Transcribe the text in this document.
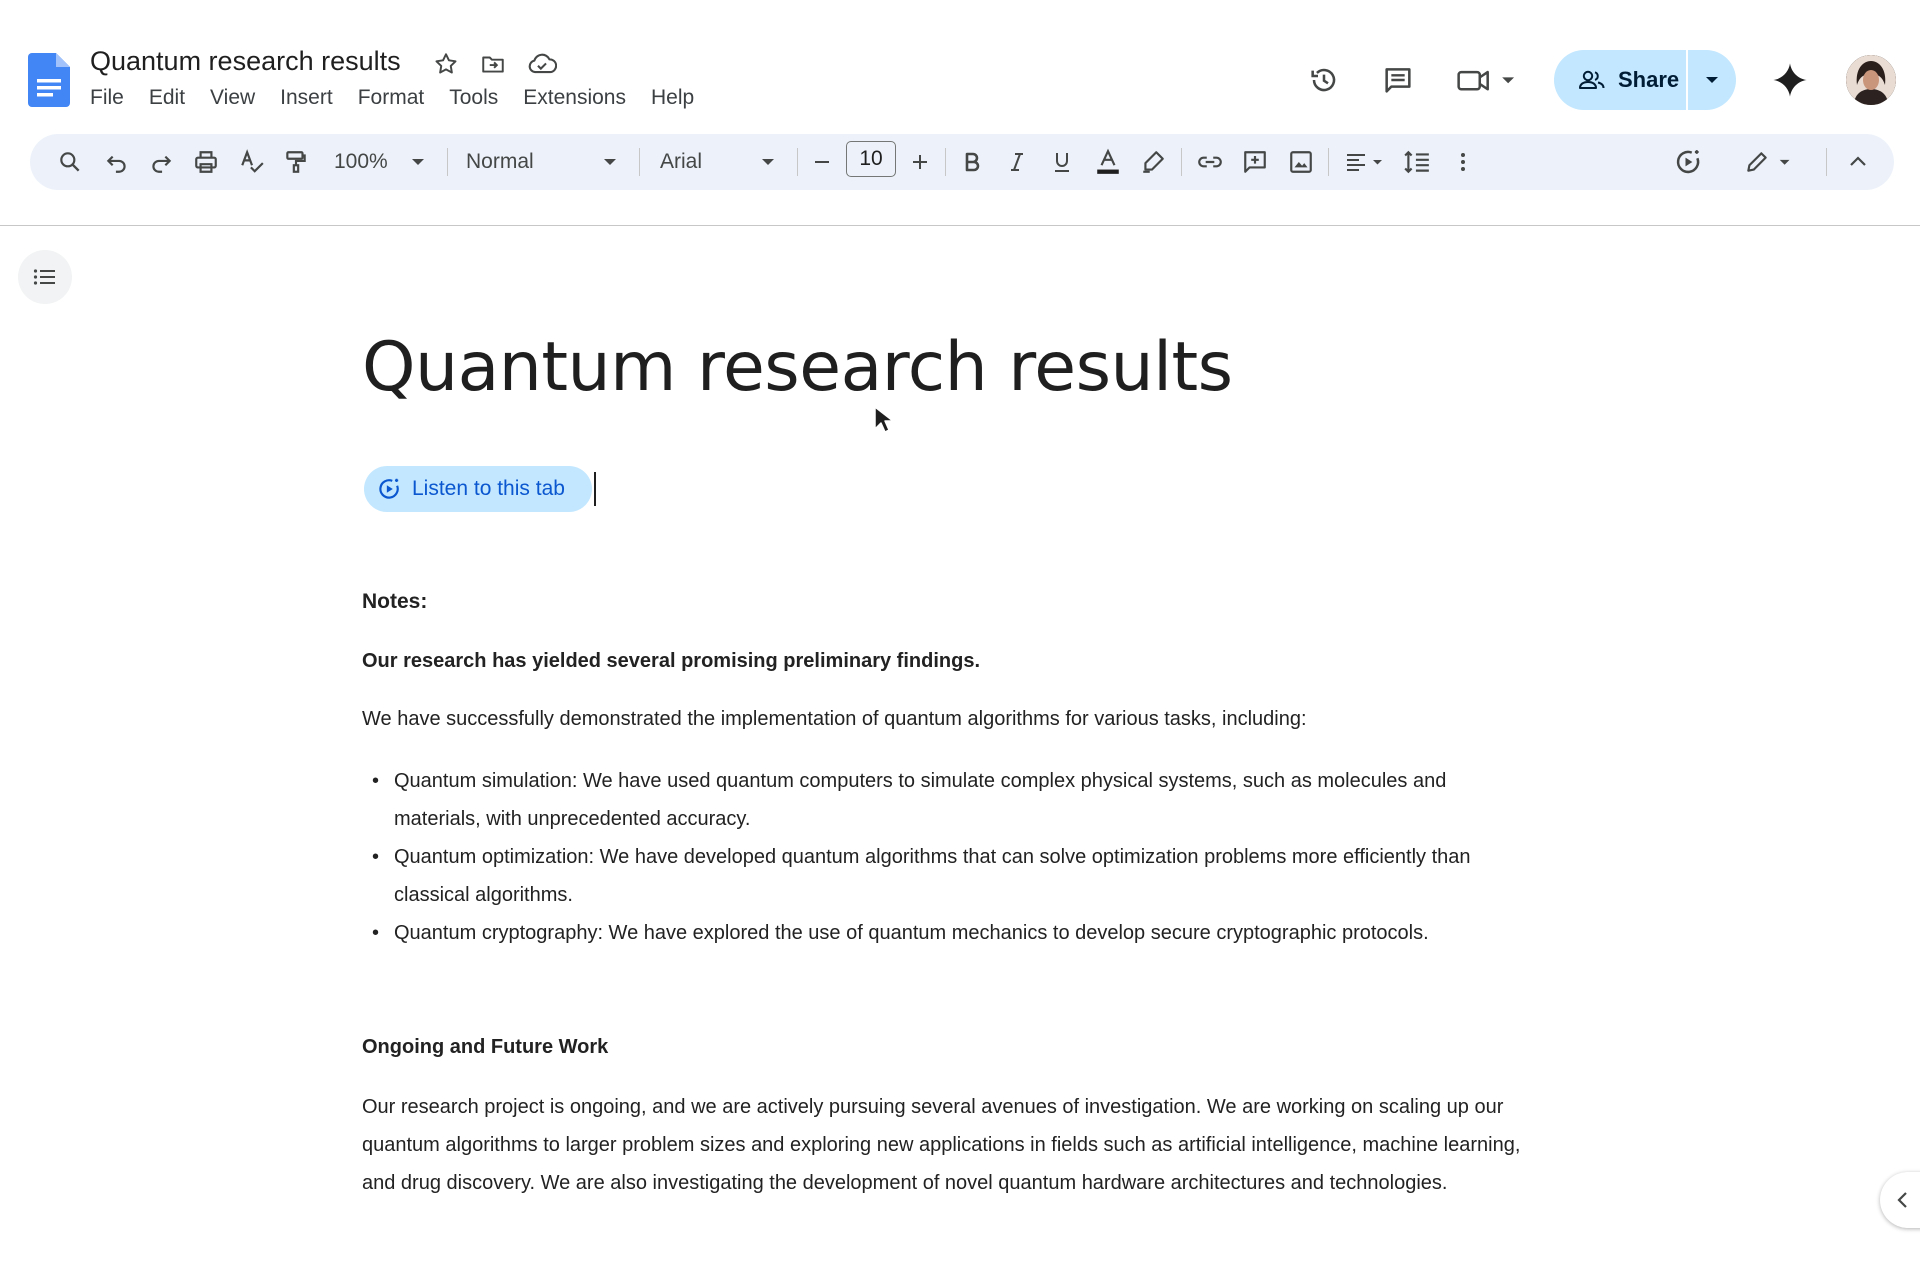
Quantum research results
File Edit View Insert Format Tools Extensions Help
Share
100%	Normal	Arial	10
Quantum research results
Listen to this tab
Notes:
Our research has yielded several promising preliminary findings.
We have successfully demonstrated the implementation of quantum algorithms for various tasks, including:
• Quantum simulation: We have used quantum computers to simulate complex physical systems, such as molecules and
materials, with unprecedented accuracy.
• Quantum optimization: We have developed quantum algorithms that can solve optimization problems more efficiently than
classical algorithms.
• Quantum cryptography: We have explored the use of quantum mechanics to develop secure cryptographic protocols.
Ongoing and Future Work
Our research project is ongoing, and we are actively pursuing several avenues of investigation. We are working on scaling up our quantum algorithms to larger problem sizes and exploring new applications in fields such as artificial intelligence, machine learning, and drug discovery. We are also investigating the development of novel quantum hardware architectures and technologies.
